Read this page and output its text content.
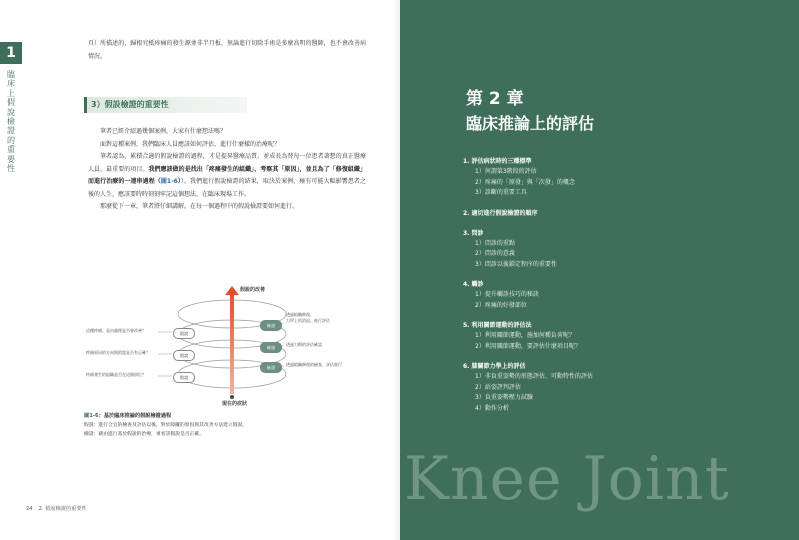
1
臨床上假說檢證的重要性
頁）所描述的，歸根究柢疼痛的發生源並非半月板，無論進行切除手術是多麼高明的醫師，也不會改善病情況。
3）假設檢證的重要性
筆者已經介紹過幾個案例，大家有什麼想法嗎？
面對這種案例，我們臨床人員應該如何評估、進行什麼樣的治療呢？
筆者認為，累積合適的假說檢證的過程，才是提昇醫療品質、並成長為替每一位患者著想的真正醫療人員，最重要的項目。我們應該做的是找出「疼痛發生的組織」，考察其「原因」，並且為了「修復組織」而進行治療的一連串過程（圖1-6））。我們進行假說檢證的結果，取決於案例，極有可能大幅影響患者之後的人生，應該要時時刻刻牢記這個想法，在臨床現場工作。
那麼從下一章，筆者將仔細講解，在每一個過程中的假說檢證要如何進行。
假說的改善
現在的症狀
這種疼痛，是由處理是否會改善？
疼痛原因的方向與假說是否有正確？
疼痛發生的組織是否在這個部位？
假說
假說
假說
檢證
檢證
檢證
透過組織修復，
力學上的消退、進行評估
透過刀傷的評估確認
透過組織修復的檢查、評估進行
圖1-6：基於臨床推論的假說檢證過程
假說：進行合宜的檢查及評估以後，對於障礙的原因與其改善方法建立假說。
檢證：藉由進行基於假說的治療，重看該假說是否正確。
24 2. 假說檢證的重要性	Knee Joint
第 2 章
臨床推論上的評估
1. 評估病狀時的三種標準
1）何謂第3階段的評估
2）疼痛的「原發」與「次發」的概念
3）診斷的重要工具
2. 適切進行假說檢證的順序
3. 問診
1）問診的重點
2）問診的意義
3）問診以後鎖定程序的重要性
4. 觸診
1）提升觸診技巧的秘訣
2）疼痛的好發部位
5. 利用關節運動的評估法
1）利用關節運動，施加何種負荷呢？
2）利用關節運動，要評估什麼項目呢？
6. 膝關節力學上的評估
1）非負重姿勢的形態評估、可動特性的評估
2）站姿評判評估
3）負重姿勢壓力試驗
4）動作分析
